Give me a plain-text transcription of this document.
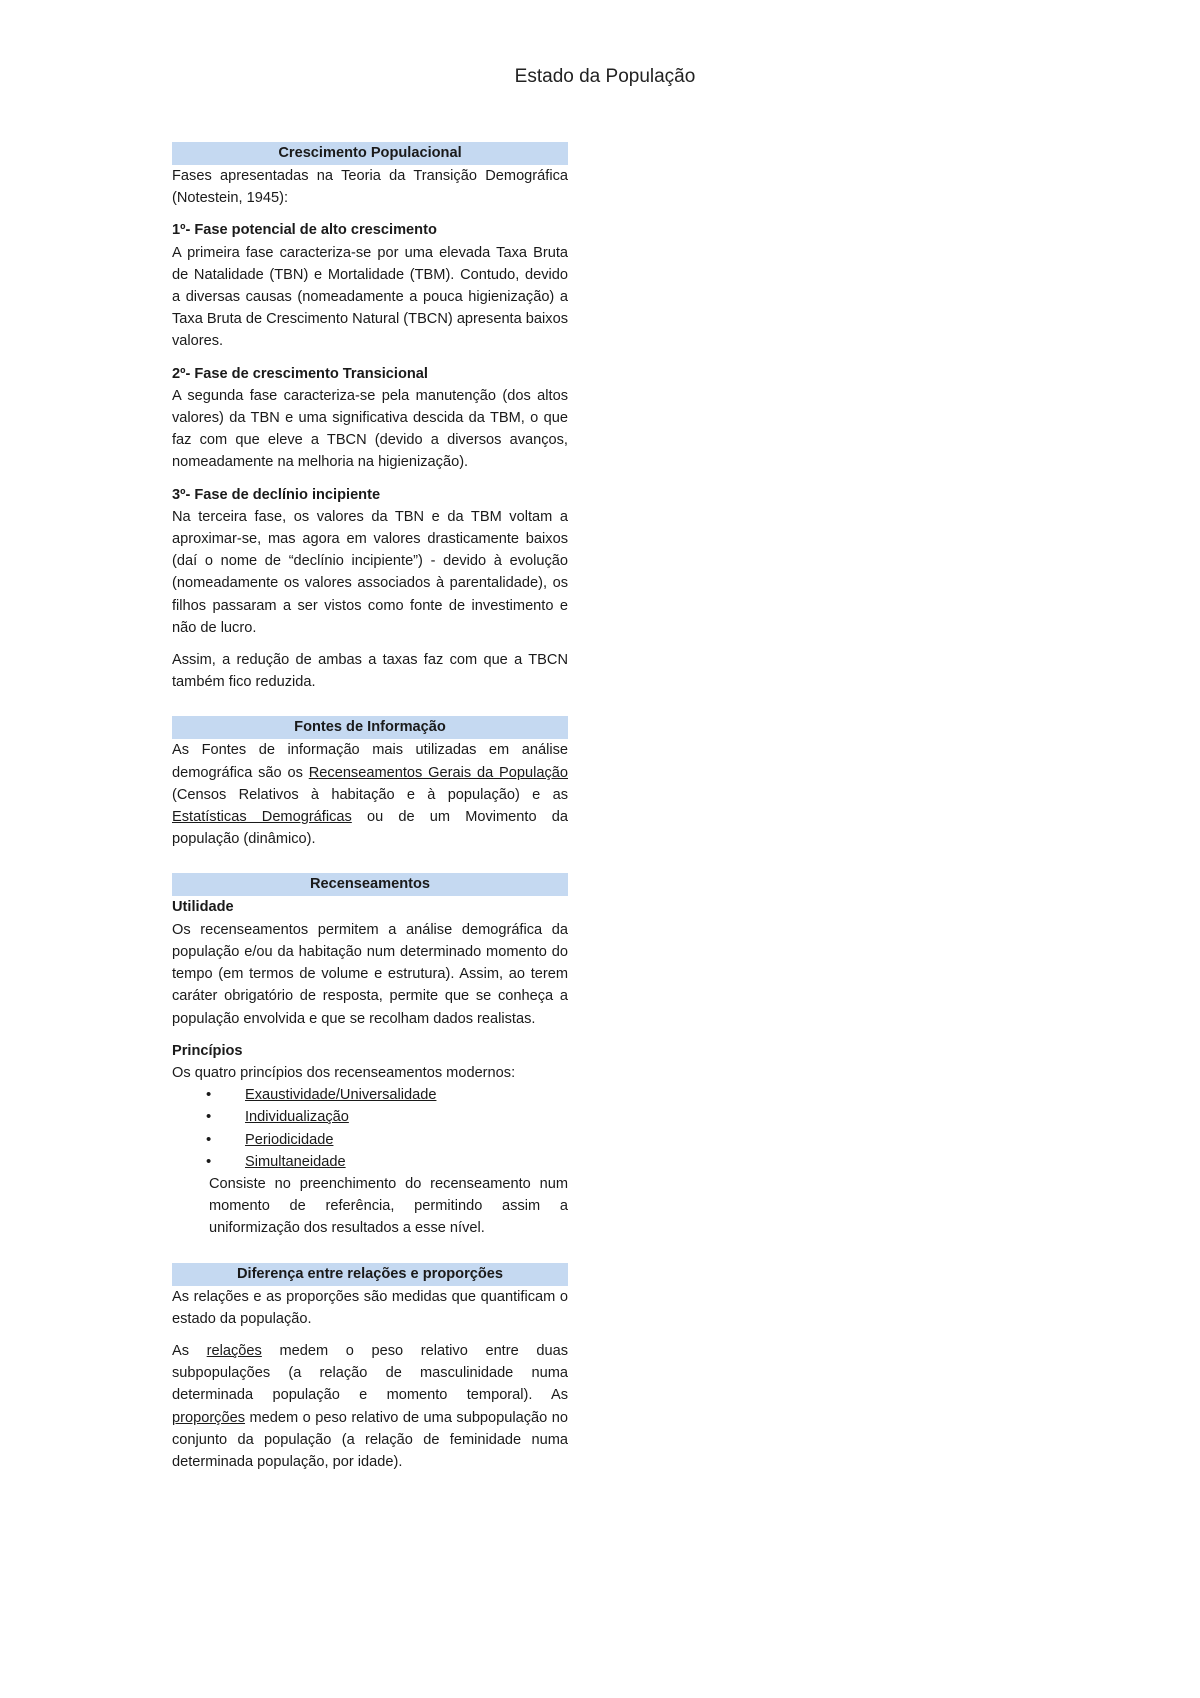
Estado da População
Crescimento Populacional

Fases apresentadas na Teoria da Transição Demográfica (Notestein, 1945):

1º- Fase potencial de alto crescimento

A primeira fase caracteriza-se por uma elevada Taxa Bruta de Natalidade (TBN) e Mortalidade (TBM). Contudo, devido a diversas causas (nomeadamente a pouca higienização) a Taxa Bruta de Crescimento Natural (TBCN) apresenta baixos valores.

2º- Fase de crescimento Transicional

A segunda fase caracteriza-se pela manutenção (dos altos valores) da TBN e uma significativa descida da TBM, o que faz com que eleve a TBCN (devido a diversos avanços, nomeadamente na melhoria na higienização).

3º- Fase de declínio incipiente

Na terceira fase, os valores da TBN e da TBM voltam a aproximar-se, mas agora em valores drasticamente baixos (daí o nome de “declínio incipiente”) - devido à evolução (nomeadamente os valores associados à parentalidade), os filhos passaram a ser vistos como fonte de investimento e não de lucro.

Assim, a redução de ambas a taxas faz com que a TBCN também fico reduzida.

Fontes de Informação

As Fontes de informação mais utilizadas em análise demográfica são os Recenseamentos Gerais da População (Censos Relativos à habitação e à população) e as Estatísticas Demográficas ou de um Movimento da população (dinâmico).

Recenseamentos

Utilidade

Os recenseamentos permitem a análise demográfica da população e/ou da habitação num determinado momento do tempo (em termos de volume e estrutura). Assim, ao terem caráter obrigatório de resposta, permite que se conheça a população envolvida e que se recolham dados realistas.

Princípios

Os quatro princípios dos recenseamentos modernos:

• Exaustividade/Universalidade
• Individualização
• Periodicidade
• Simultaneidade

Consiste no preenchimento do recenseamento num momento de referência, permitindo assim a uniformização dos resultados a esse nível.

Diferença entre relações e proporções

As relações e as proporções são medidas que quantificam o estado da população.

As relações medem o peso relativo entre duas subpopulações (a relação de masculinidade numa determinada população e momento temporal). As proporções medem o peso relativo de uma subpopulação no conjunto da população (a relação de feminidade numa determinada população, por idade).
